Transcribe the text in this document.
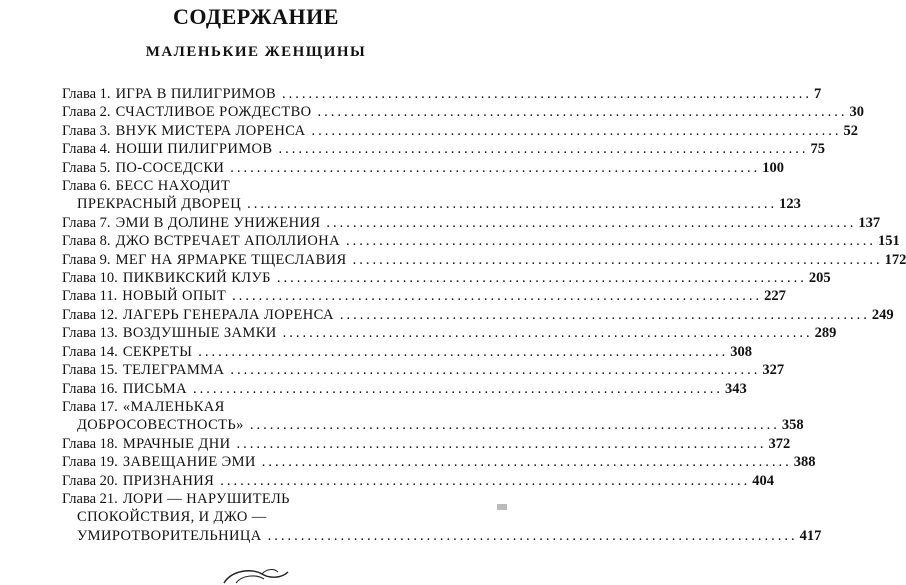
СОДЕРЖАНИЕ
МАЛЕНЬКИЕ ЖЕНЩИНЫ
Глава 1. ИГРА В ПИЛИГРИМОВ ................................................................................ 7
Глава 2. СЧАСТЛИВОЕ РОЖДЕСТВО ................................................................................ 30
Глава 3. ВНУК МИСТЕРА ЛОРЕНСА ................................................................................ 52
Глава 4. НОШИ ПИЛИГРИМОВ ................................................................................ 75
Глава 5. ПО-СОСЕДСКИ ................................................................................ 100
Глава 6. БЕСС НАХОДИТ
ПРЕКРАСНЫЙ ДВОРЕЦ ................................................................................ 123
Глава 7. ЭМИ В ДОЛИНЕ УНИЖЕНИЯ ................................................................................ 137
Глава 8. ДЖО ВСТРЕЧАЕТ АПОЛЛИОНА ................................................................................ 151
Глава 9. МЕГ НА ЯРМАРКЕ ТЩЕСЛАВИЯ ................................................................................ 172
Глава 10. ПИКВИКСКИЙ КЛУБ ................................................................................ 205
Глава 11. НОВЫЙ ОПЫТ ................................................................................ 227
Глава 12. ЛАГЕРЬ ГЕНЕРАЛА ЛОРЕНСА ................................................................................ 249
Глава 13. ВОЗДУШНЫЕ ЗАМКИ ................................................................................ 289
Глава 14. СЕКРЕТЫ ................................................................................ 308
Глава 15. ТЕЛЕГРАММА ................................................................................ 327
Глава 16. ПИСЬМА ................................................................................ 343
Глава 17. «МАЛЕНЬКАЯ
ДОБРОСОВЕСТНОСТЬ» ................................................................................ 358
Глава 18. МРАЧНЫЕ ДНИ ................................................................................ 372
Глава 19. ЗАВЕЩАНИЕ ЭМИ ................................................................................ 388
Глава 20. ПРИЗНАНИЯ ................................................................................ 404
Глава 21. ЛОРИ — НАРУШИТЕЛЬ
СПОКОЙСТВИЯ, И ДЖО —
УМИРОТВОРИТЕЛЬНИЦА ................................................................................ 417
